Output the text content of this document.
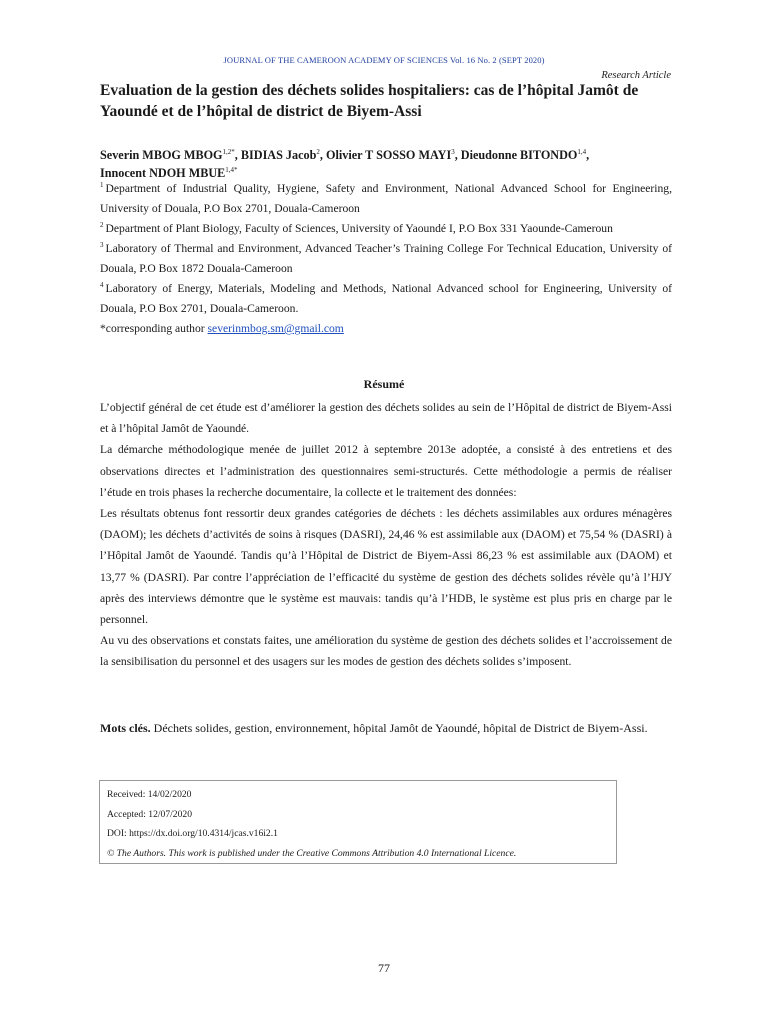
JOURNAL OF THE CAMEROON ACADEMY OF SCIENCES Vol. 16 No. 2 (SEPT 2020)
Research Article
Evaluation de la gestion des déchets solides hospitaliers: cas de l’hôpital Jamôt de Yaoundé et de l’hôpital de district de Biyem-Assi
Severin MBOG $MBOG^{1,2*}$, BIDIAS Jacob$^2$, Olivier T SOSSO MAYI$^3$, Dieudonne BITONDO$^{1,4}$,
Innocent NDOH $MBUE^{1,4*}$
$^1$ Department of Industrial Quality, Hygiene, Safety and Environment, National Advanced School for Engineering, University of Douala, P.O Box 2701, Douala-Cameroon
$^2$ Department of Plant Biology, Faculty of Sciences, University of Yaoundé I, P.O Box 331 Yaounde-Cameroun
$^3$ Laboratory of Thermal and Environment, Advanced Teacher’s Training College For Technical Education, University of Douala, P.O Box 1872 Douala-Cameroon
$^4$ Laboratory of Energy, Materials, Modeling and Methods, National Advanced school for Engineering, University of Douala, P.O Box 2701, Douala-Cameroon.
*corresponding author severinmbog.sm@gmail.com
Résumé

L’objectif général de cet étude est d’améliorer la gestion des déchets solides au sein de l’Hôpital de district de Biyem-Assi et à l’hôpital Jamôt de Yaoundé.

La démarche méthodologique menée de juillet 2012 à septembre 2013e adoptée, a consisté à des entretiens et des observations directes et l’administration des questionnaires semi-structurés. Cette méthodologie a permis de réaliser l’étude en trois phases la recherche documentaire, la collecte et le traitement des données:

Les résultats obtenus font ressortir deux grandes catégories de déchets : les déchets assimilables aux ordures ménagères (DAOM); les déchets d’activités de soins à risques (DASRI), 24,46 % est assimilable aux (DAOM) et 75,54 % (DASRI) à l’Hôpital Jamôt de Yaoundé. Tandis qu’à l’Hôpital de District de Biyem-Assi 86,23 % est assimilable aux (DAOM) et 13,77 % (DASRI). Par contre l’appréciation de l’efficacité du système de gestion des déchets solides révèle qu’à l’HJY après des interviews démontre que le système est mauvais: tandis qu’à l’HDB, le système est plus pris en charge par le personnel.

Au vu des observations et constats faites, une amélioration du système de gestion des déchets solides et l’accroissement de la sensibilisation du personnel et des usagers sur les modes de gestion des déchets solides s’imposent.

Mots clés. Déchets solides, gestion, environnement, hôpital Jamôt de Yaoundé, hôpital de District de Biyem-Assi.

Received: 14/02/2020
Accepted: 12/07/2020
DOI: https://dx.doi.org/10.4314/jcas.v16i2.1
© The Authors. This work is published under the Creative Commons Attribution 4.0 International Licence.
77
